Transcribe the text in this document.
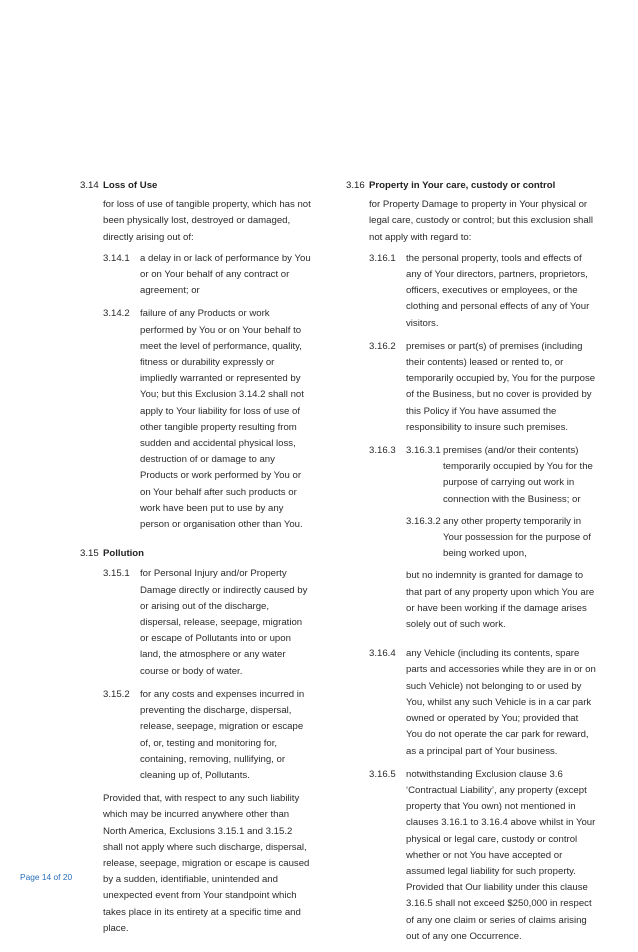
3.14 Loss of Use
for loss of use of tangible property, which has not been physically lost, destroyed or damaged, directly arising out of:
3.14.1	a delay in or lack of performance by You or on Your behalf of any contract or agreement; or
3.14.2	failure of any Products or work performed by You or on Your behalf to meet the level of performance, quality, fitness or durability expressly or impliedly warranted or represented by You; but this Exclusion 3.14.2 shall not apply to Your liability for loss of use of other tangible property resulting from sudden and accidental physical loss, destruction of or damage to any Products or work performed by You or on Your behalf after such products or work have been put to use by any person or organisation other than You.
3.15 Pollution
3.15.1	for Personal Injury and/or Property Damage directly or indirectly caused by or arising out of the discharge, dispersal, release, seepage, migration or escape of Pollutants into or upon land, the atmosphere or any water course or body of water.
3.15.2	for any costs and expenses incurred in preventing the discharge, dispersal, release, seepage, migration or escape of, or, testing and monitoring for, containing, removing, nullifying, or cleaning up of, Pollutants.
Provided that, with respect to any such liability which may be incurred anywhere other than North America, Exclusions 3.15.1 and 3.15.2 shall not apply where such discharge, dispersal, release, seepage, migration or escape is caused by a sudden, identifiable, unintended and unexpected event from Your standpoint which takes place in its entirety at a specific time and place.
3.16 Property in Your care, custody or control
for Property Damage to property in Your physical or legal care, custody or control; but this exclusion shall not apply with regard to:
3.16.1	the personal property, tools and effects of any of Your directors, partners, proprietors, officers, executives or employees, or the clothing and personal effects of any of Your visitors.
3.16.2	premises or part(s) of premises (including their contents) leased or rented to, or temporarily occupied by, You for the purpose of the Business, but no cover is provided by this Policy if You have assumed the responsibility to insure such premises.
3.16.3	3.16.3.1 premises (and/or their contents) temporarily occupied by You for the purpose of carrying out work in connection with the Business; or
3.16.3.2 any other property temporarily in Your possession for the purpose of being worked upon,
but no indemnity is granted for damage to that part of any property upon which You are or have been working if the damage arises solely out of such work.
3.16.4	any Vehicle (including its contents, spare parts and accessories while they are in or on such Vehicle) not belonging to or used by You, whilst any such Vehicle is in a car park owned or operated by You; provided that You do not operate the car park for reward, as a principal part of Your business.
3.16.5	notwithstanding Exclusion clause 3.6 ‘Contractual Liability’, any property (except property that You own) not mentioned in clauses 3.16.1 to 3.16.4 above whilst in Your physical or legal care, custody or control whether or not You have accepted or assumed legal liability for such property. Provided that Our liability under this clause 3.16.5 shall not exceed $250,000 in respect of any one claim or series of claims arising out of any one Occurrence.
Page 14 of 20
